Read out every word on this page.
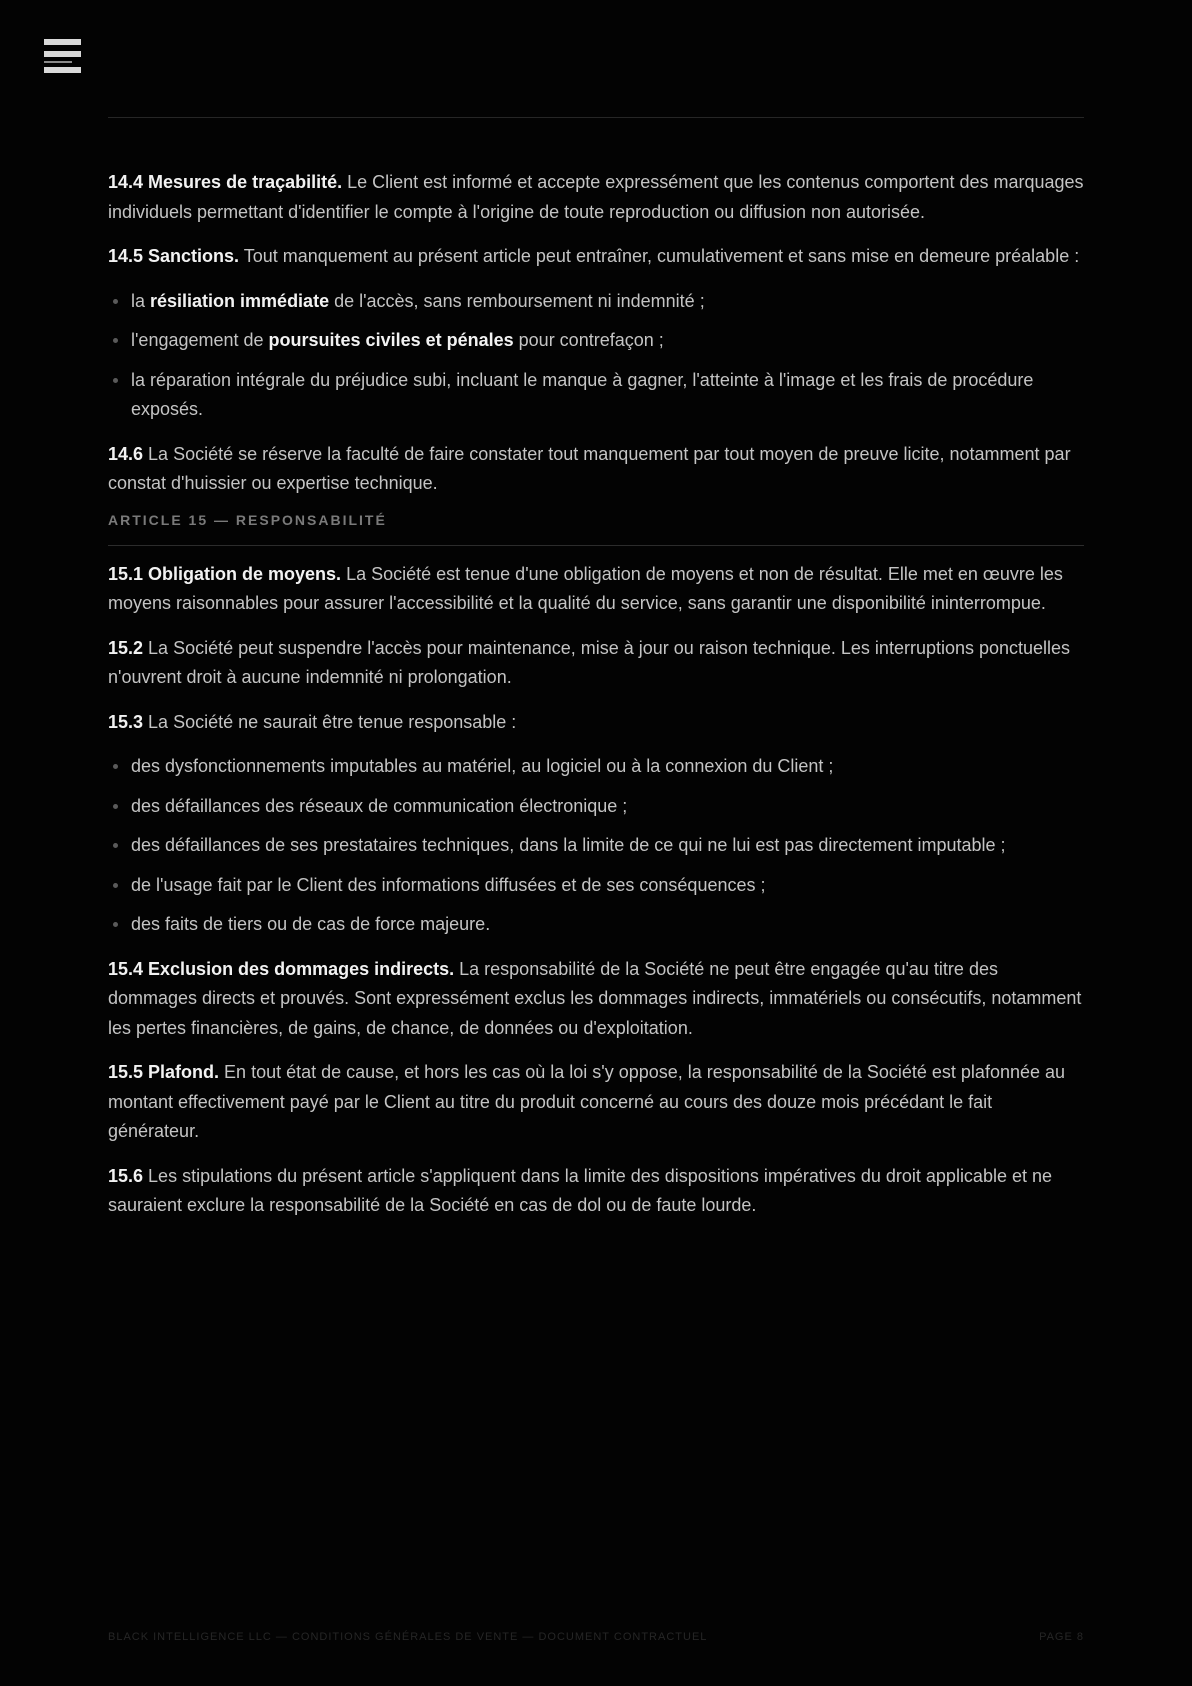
14.4 Mesures de traçabilité. Le Client est informé et accepte expressément que les contenus comportent des marquages individuels permettant d'identifier le compte à l'origine de toute reproduction ou diffusion non autorisée.

14.5 Sanctions. Tout manquement au présent article peut entraîner, cumulativement et sans mise en demeure préalable :

la résiliation immédiate de l'accès, sans remboursement ni indemnité ;
l'engagement de poursuites civiles et pénales pour contrefaçon ;
la réparation intégrale du préjudice subi, incluant le manque à gagner, l'atteinte à l'image et les frais de procédure exposés.

14.6 La Société se réserve la faculté de faire constater tout manquement par tout moyen de preuve licite, notamment par constat d'huissier ou expertise technique.

ARTICLE 15 — RESPONSABILITÉ

15.1 Obligation de moyens. La Société est tenue d'une obligation de moyens et non de résultat. Elle met en œuvre les moyens raisonnables pour assurer l'accessibilité et la qualité du service, sans garantir une disponibilité ininterrompue.

15.2 La Société peut suspendre l'accès pour maintenance, mise à jour ou raison technique. Les interruptions ponctuelles n'ouvrent droit à aucune indemnité ni prolongation.

15.3 La Société ne saurait être tenue responsable :

des dysfonctionnements imputables au matériel, au logiciel ou à la connexion du Client ;
des défaillances des réseaux de communication électronique ;
des défaillances de ses prestataires techniques, dans la limite de ce qui ne lui est pas directement imputable ;
de l'usage fait par le Client des informations diffusées et de ses conséquences ;
des faits de tiers ou de cas de force majeure.

15.4 Exclusion des dommages indirects. La responsabilité de la Société ne peut être engagée qu'au titre des dommages directs et prouvés. Sont expressément exclus les dommages indirects, immatériels ou consécutifs, notamment les pertes financières, de gains, de chance, de données ou d'exploitation.

15.5 Plafond. En tout état de cause, et hors les cas où la loi s'y oppose, la responsabilité de la Société est plafonnée au montant effectivement payé par le Client au titre du produit concerné au cours des douze mois précédant le fait générateur.

15.6 Les stipulations du présent article s'appliquent dans la limite des dispositions impératives du droit applicable et ne sauraient exclure la responsabilité de la Société en cas de dol ou de faute lourde.

BLACK INTELLIGENCE LLC — CONDITIONS GÉNÉRALES DE VENTE — DOCUMENT CONTRACTUEL	PAGE 8
